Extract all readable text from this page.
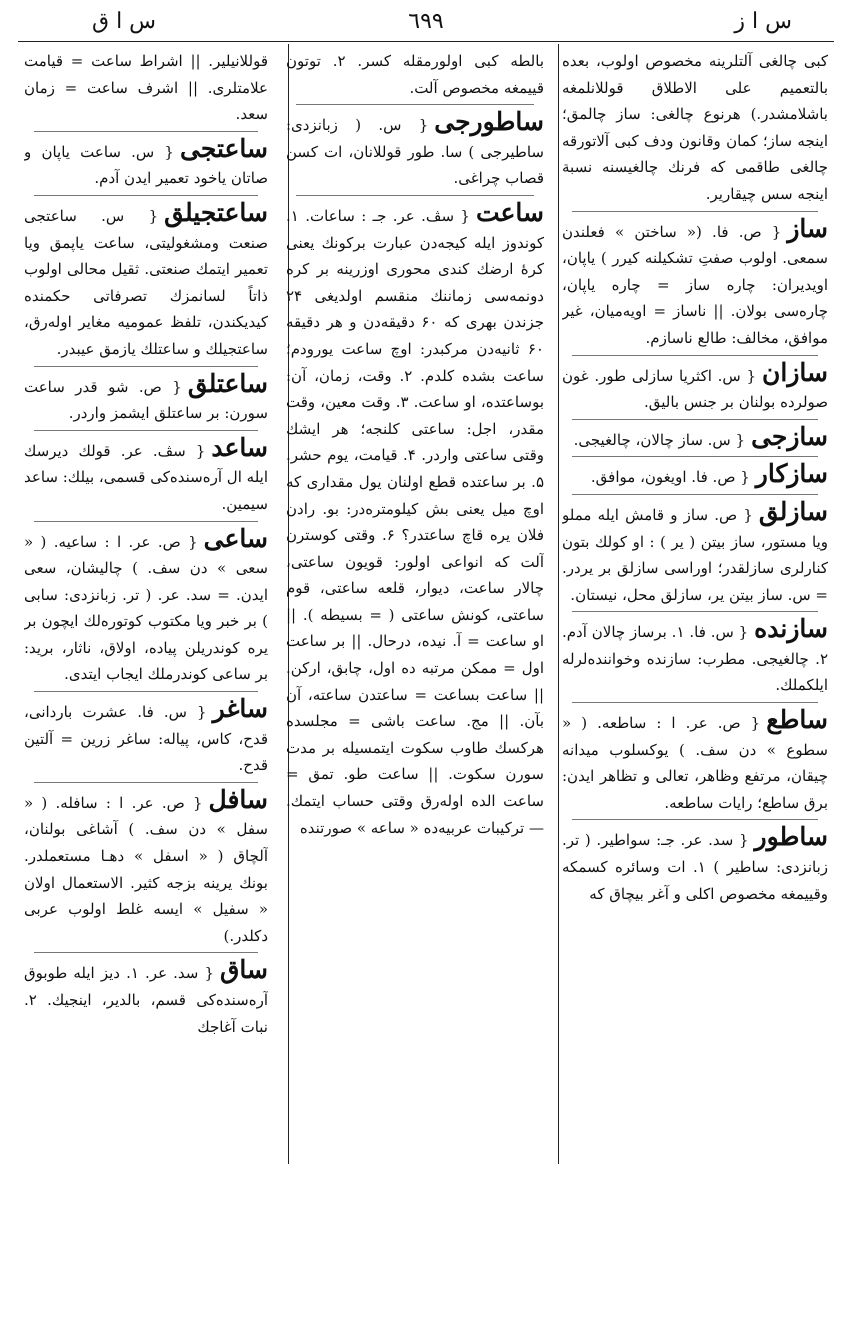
س ا ز
٦٩٩
س ا ق

كبی چالغی آلتلرینه مخصوص اولوب، بعده بالتعمیم علی الاطلاق قوللانلمغه باشلامشدر.) هرنوع چالغی: ساز چالمق؛ اینجه ساز؛ كمان وقانون ودف كبی آلاتورقه چالغی طاقمی كه فرنك چالغیسنه نسبة اینجه سس چیقاریر.

ساز{ ص. فا. (« ساختن » فعلندن سمعی. اولوب صفتِ تشكیلنه كیرر ) یاپان، اویدیران: چاره ساز = چاره یاپان، چاره‌سی بولان. || ناساز = اویه‌میان، غیر موافق، مخالف: طالع ناسازم.

سازان{ س. اكثریا سازلی طور. غون صولرده بولنان بر جنس بالیق.

سازجی{ س. ساز چالان، چالغیجی.

سازكار{ ص. فا. اویغون، موافق.

سازلق{ ص. ساز و قامش ایله مملو ویا مستور، ساز بیتن ( یر ) : او كولك بتون كنارلری سازلقدر؛ اوراسی سازلق بر یردر. = س. ساز بیتن یر، سازلق محل، نیستان.

سازنده{ س. فا. ۱. برساز چالان آدم. ۲. چالغیجی. مطرب: سازنده وخوانندەلرله ایلكملك.

ساطع{ ص. عر. ا : ساطعه. ( « سطوع » دن سف. ) یوكسلوب میدانه چیقان، مرتفع وظاهر، تعالی و تظاهر ایدن: برق ساطع؛ رایات ساطعه.

ساطور{ سد. عر. جـ: سواطیر. ( تر. زبانزدی: ساطیر ) ۱. ات وسائره كسمكه وقییمغه مخصوص اكلی و آغر بیچاق كه

بالطه كبی اولورمقله كسر. ۲. توتون قییمغه مخصوص آلت.

ساطورجی{ س. ( زبانزدی: ساطیرجی ) سا. طور قوللانان، ات كسن قصاب چراغی.

ساعت{ سڤ. عر. جـ : ساعات. ۱. كوندوز ایله كیجەدن عبارت بركونك یعنی كرهٔ ارضك كندی محوری اوزرینه بر كره دونمەسی زماننك منقسم اولدیغی ۲۴ جزندن بهری كه ۶۰ دقیقه‌دن و هر دقیقه ۶۰ ثانیه‌دن مركبدر: اوچ ساعت یورودم؛ ساعت بشده كلدم. ۲. وقت، زمان، آن: بوساعتده، او ساعت. ۳. وقت معین، وقت مقدر، اجل: ساعتی كلنجه؛ هر ایشك وقتی ساعتی واردر. ۴. قیامت، یوم حشر. ۵. بر ساعتده قطع اولنان یول مقداری كه اوچ میل یعنی بش كیلومتره‌در: بو. رادن فلان یره قاچ ساعتدر؟ ۶. وقتی كوسترن آلت كه انواعی اولور: قویون ساعتی، چالار ساعت، دیوار، قلعه ساعتی، قوم ساعتی، كونش ساعتی ( = بسیطه ). || او ساعت = آ. نیده، درحال. || بر ساعت اول = ممكن مرتبه ده اول، چابق، اركن. || ساعت بساعت = ساعتدن ساعته، آن بآن. || مج. ساعت باشی = مجلسده هركسك طاوب سكوت ایتمسیله بر مدت سورن سكوت. || ساعت طو. تمق = ساعت الده اولەرق وقتی حساب ایتمك. — تركیبات عربیه‌ده « ساعه » صورتنده

قوللانیلیر. || اشراط ساعت = قیامت علامتلری. || اشرف ساعت = زمان سعد.

ساعتجی{ س. ساعت یاپان و صاتان یاخود تعمیر ایدن آدم.

ساعتجیلق{ س. ساعتجی صنعت ومشغولیتی، ساعت یاپمق ویا تعمیر ایتمك صنعتی. ثقیل محالی اولوب ذاتاً لسانمزك تصرفاتی حكمنده كیدیكندن، تلفظ عمومیه مغایر اولەرق، ساعتجیلك و ساعتلك یازمق عیبدر.

ساعتلق{ ص. شو قدر ساعت سورن: بر ساعتلق ایشمز واردر.

ساعد{ سڤ. عر. قولك دیرسك ایله ال آره‌سنده‌كی قسمی، بیلك: ساعد سیمین.

ساعی{ ص. عر. ا : ساعیه. ( « سعی » دن سف. ) چالیشان، سعی ایدن. = سد. عر. ( تر. زبانزدی: سابی ) بر خبر ویا مكتوب كوتورەلك ایچون بر یره كوندریلن پیاده، اولاق، ناثار، برید: بر ساعی كوندرملك ایجاب ایتدی.

ساغر{ س. فا. عشرت باردانی، قدح، كاس، پیاله: ساغر زرین = آلتین قدح.

سافل{ ص. عر. ا : سافله. ( « سفل » دن سف. ) آشاغی بولنان، آلچاق ( « اسفل » دهـا مستعملدر. بونك یرینه بزجه كثیر. الاستعمال اولان « سفیل » ایسه غلط اولوب عربی دكلدر.)

ساق{ سد. عر. ۱. دیز ایله طوبوق آره‌سنده‌كی قسم، بالدیر، اینجیك. ۲. نبات آغاجك
